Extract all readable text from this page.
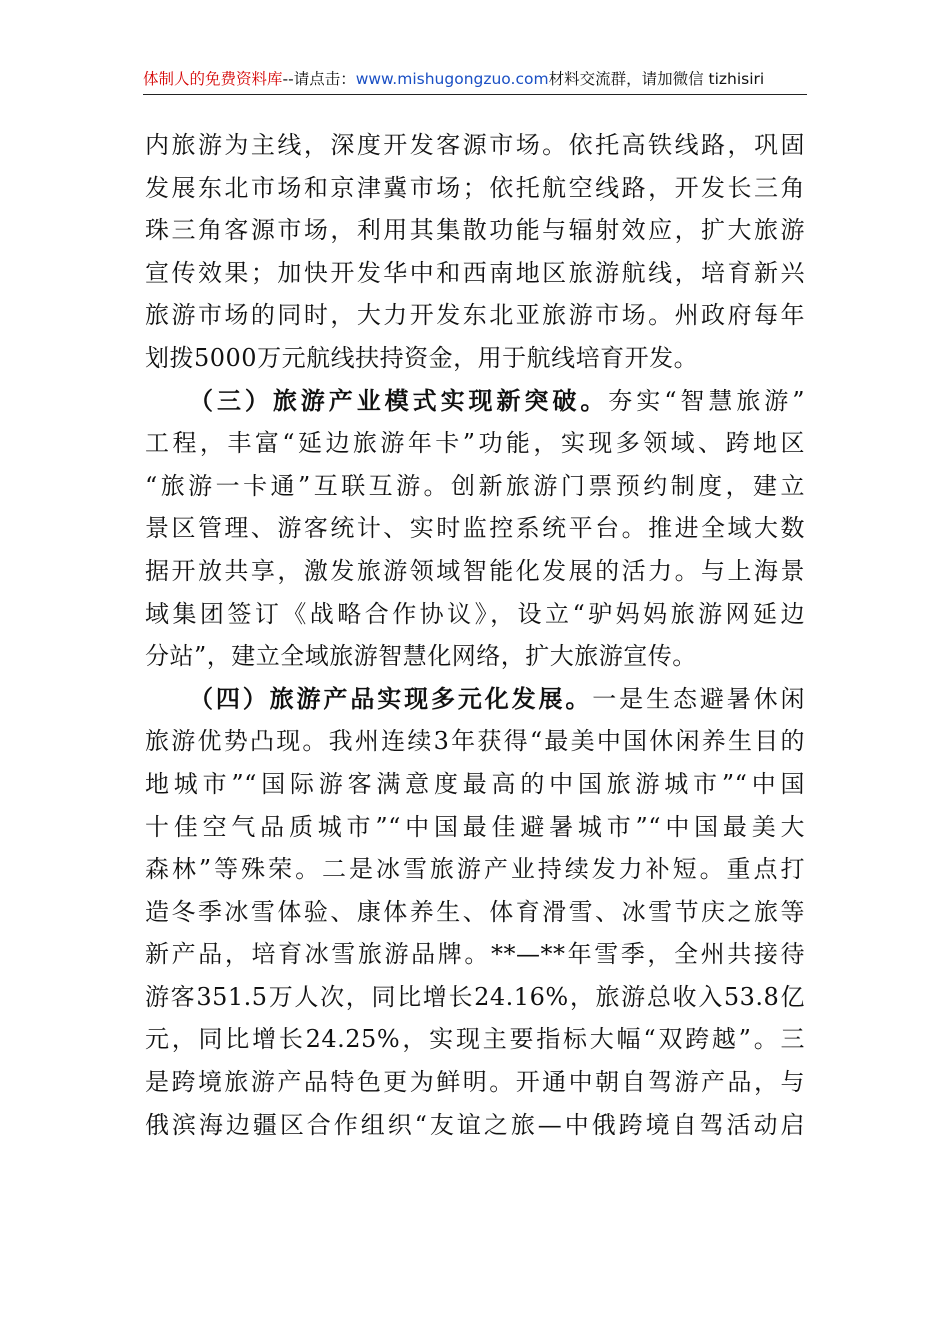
体制人的免费资料库--请点击：www.mishugongzuo.com材料交流群，请加微信 tizhisiri
内旅游为主线，深度开发客源市场。依托高铁线路，巩固
发展东北市场和京津冀市场；依托航空线路，开发长三角
珠三角客源市场，利用其集散功能与辐射效应，扩大旅游
宣传效果；加快开发华中和西南地区旅游航线，培育新兴
旅游市场的同时，大力开发东北亚旅游市场。州政府每年
划拨5000万元航线扶持资金，用于航线培育开发。
（三）旅游产业模式实现新突破。夯实“智慧旅游”
工程，丰富“延边旅游年卡”功能，实现多领域、跨地区
“旅游一卡通”互联互游。创新旅游门票预约制度，建立
景区管理、游客统计、实时监控系统平台。推进全域大数
据开放共享，激发旅游领域智能化发展的活力。与上海景
域集团签订《战略合作协议》，设立“驴妈妈旅游网延边
分站”，建立全域旅游智慧化网络，扩大旅游宣传。
（四）旅游产品实现多元化发展。一是生态避暑休闲
旅游优势凸现。我州连续3年获得“最美中国休闲养生目的
地城市”“国际游客满意度最高的中国旅游城市”“中国
十佳空气品质城市”“中国最佳避暑城市”“中国最美大
森林”等殊荣。二是冰雪旅游产业持续发力补短。重点打
造冬季冰雪体验、康体养生、体育滑雪、冰雪节庆之旅等
新产品，培育冰雪旅游品牌。**—**年雪季，全州共接待
游客351.5万人次，同比增长24.16%，旅游总收入53.8亿
元，同比增长24.25%，实现主要指标大幅“双跨越”。三
是跨境旅游产品特色更为鲜明。开通中朝自驾游产品，与
俄滨海边疆区合作组织“友谊之旅—中俄跨境自驾活动启
